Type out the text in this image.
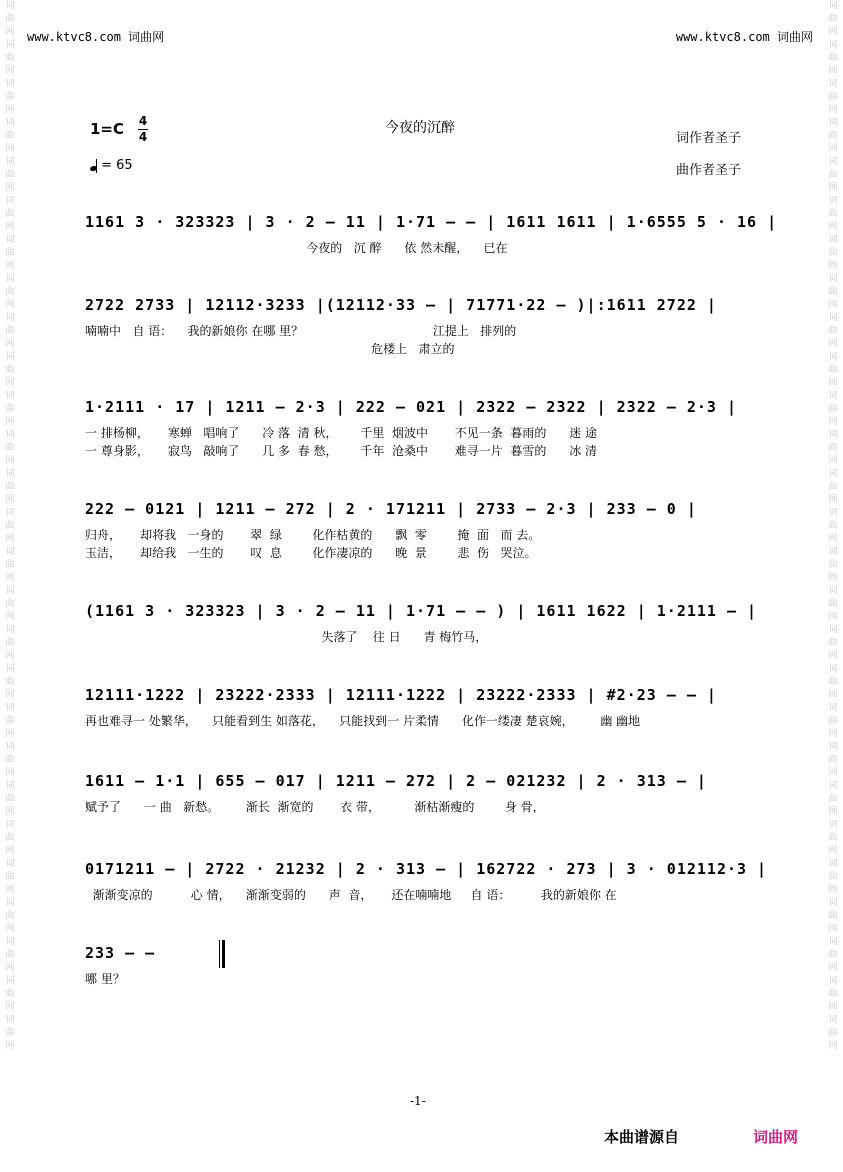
词
曲
网
词
曲
网
词
曲
网
词
曲
网
词
曲
网
词
曲
网
词
曲
网
词
曲
网
词
曲
网
词
曲
网
词
曲
网
词
曲
网
词
曲
网
词
曲
网
词
曲
网
词
曲
网
词
曲
网
词
曲
网
词
曲
网
词
曲
网
词
曲
网
词
曲
网
词
曲
网
词
曲
网
词
曲
网
词
曲
网
词
曲
网
词
曲
网
词
曲
网
词
曲
网
词
曲
网
词
曲
网
词
曲
网
词
曲
网
词
曲
网
词
曲
网
词
曲
网
词
曲
网
词
曲
网
词
曲
网
词
曲
网
词
曲
网
词
曲
网
词
曲
网
词
曲
网
词
曲
网
词
曲
网
词
曲
网
词
曲
网
词
曲
网
词
曲
网
词
曲
网
词
曲
网
词
曲
网
www.ktvc8.com 词曲网	www.ktvc8.com 词曲网
1=C 4
4
= 65
今夜的沉醉
词作者圣子
曲作者圣子
1161 3 · 323323 | 3 · 2 – 11 | 1·71 – – | 1611 1611 | 1·6555 5 · 16 |
今夜的   沉 醉      依 然未醒，    已在
2722 2733 | 12112·3233 |(12112·33 – | 71771·22 – )|:1611 2722 |
喃喃中   自 语：    我的新娘你 在哪 里？                                  江提上   排列的
危楼上   肃立的
1·2111 · 17 | 1211 – 2·3 | 222 – 021 | 2322 – 2322 | 2322 – 2·3 |
一 排杨柳，     寒蝉   唱响了      冷 落  清 秋，      千里  烟波中       不见一条  暮雨的      迷 途
一 尊身影，     寂鸟   敲响了      几 多  春 愁，      千年  沧桑中       难寻一片  暮雪的      冰 清
222 – 0121 | 1211 – 272 | 2 · 171211 | 2733 – 2·3 | 233 – 0 |
归舟，     却将我   一身的       翠  绿        化作枯黄的      飘  零        掩  面   而 去。
玉洁，     却给我   一生的       叹  息        化作凄凉的      晚  景        悲  伤   哭泣。
(1161 3 · 323323 | 3 · 2 – 11 | 1·71 – – ) | 1611 1622 | 1·2111 – |
失落了    往 日      青 梅竹马，
12111·1222 | 23222·2333 | 12111·1222 | 23222·2333 | #2·23 – – |
再也难寻一 处繁华，    只能看到生 如落花，    只能找到一 片柔情      化作一缕凄 楚哀婉，       幽 幽地
1611 – 1·1 | 655 – 017 | 1211 – 272 | 2 – 021232 | 2 · 313 – |
赋予了      一 曲   新愁。       渐长  渐宽的       衣 带，         渐枯渐瘦的        身 骨，
0171211 – | 2722 · 21232 | 2 · 313 – | 162722 · 273 | 3 · 012112·3 |
渐渐变凉的          心 情，    渐渐变弱的      声  音，     还在喃喃地     自 语：        我的新娘你 在
233 – –
哪 里？
-1-
本曲谱源自	词曲网
